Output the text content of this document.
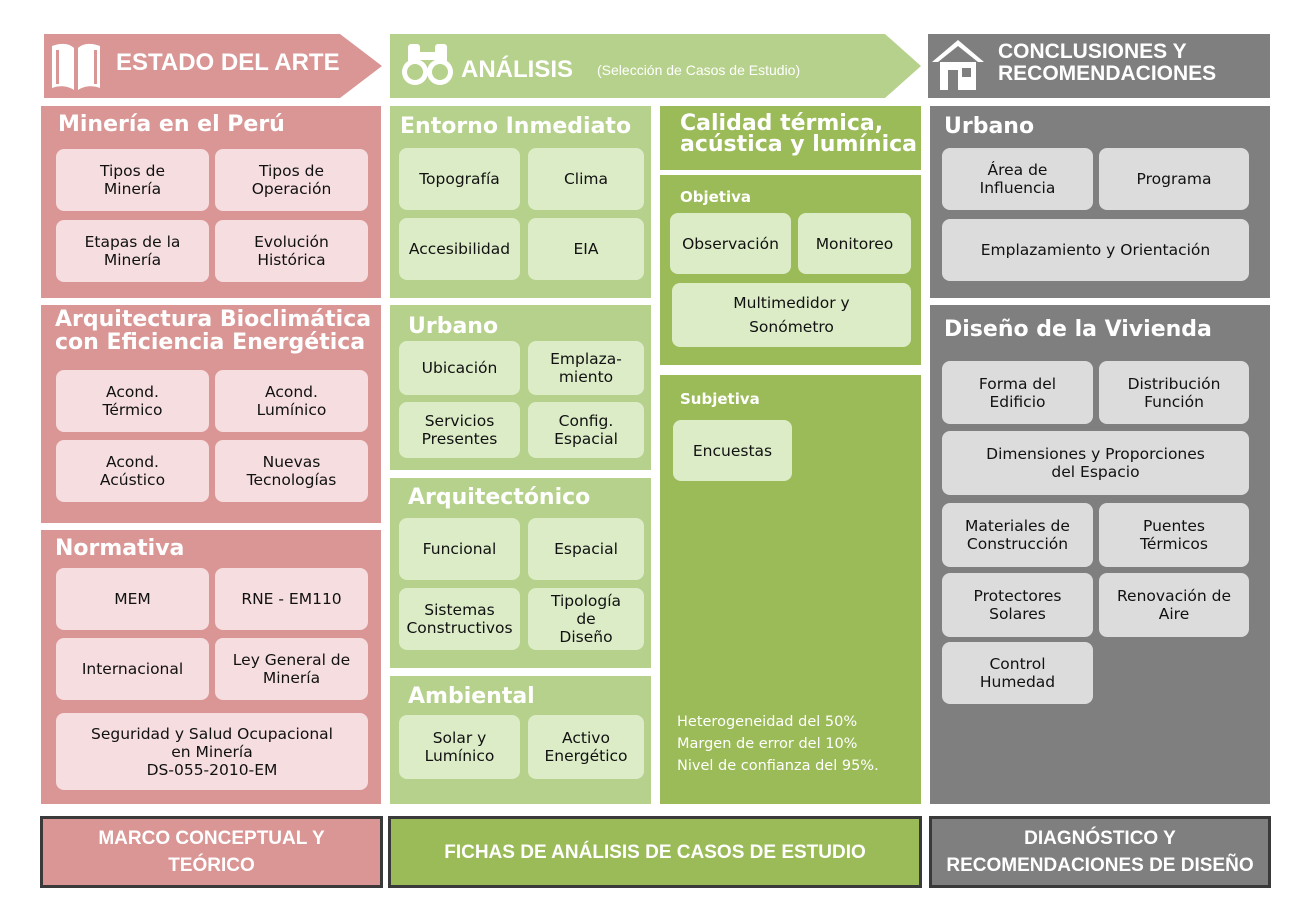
ESTADO DEL ARTE	ANÁLISIS (Selección de Casos de Estudio)
CONCLUSIONES Y
RECOMENDACIONES
Minería en el Perú
Tipos de
Minería
Tipos de
Operación
Etapas de la
Minería
Evolución
Histórica
Arquitectura Bioclimática
con Eficiencia Energética
Acond.
Térmico
Acond.
Lumínico
Acond.
Acústico
Nuevas
Tecnologías
Normativa
MEM	RNE - EM110
Internacional	Ley General de
Minería
Seguridad y Salud Ocupacional
en Minería
DS-055-2010-EM
Entorno Inmediato
Topografía	Clima
Accesibilidad	EIA
Urbano
Ubicación	Emplaza-
miento
Servicios
Presentes
Config.
Espacial
Arquitectónico
Funcional	Espacial
Sistemas
Constructivos
Tipología
de
Diseño
Ambiental
Solar y
Lumínico
Activo
Energético
Calidad térmica,
acústica y lumínica
Objetiva
Observación	Monitoreo
Multimedidor y
Sonómetro
Subjetiva
Encuestas
Heterogeneidad del 50%
Margen de error del 10%
Nivel de confianza del 95%.
Urbano
Área de
Influencia	Programa
Emplazamiento y Orientación
Diseño de la Vivienda
Forma del
Edificio
Distribución
Función
Dimensiones y Proporciones
del Espacio
Materiales de
Construcción
Puentes
Térmicos
Protectores
Solares
Renovación de
Aire
Control
Humedad
MARCO CONCEPTUAL Y
TEÓRICO
FICHAS DE ANÁLISIS DE CASOS DE ESTUDIO
DIAGNÓSTICO Y
RECOMENDACIONES DE DISEÑO
